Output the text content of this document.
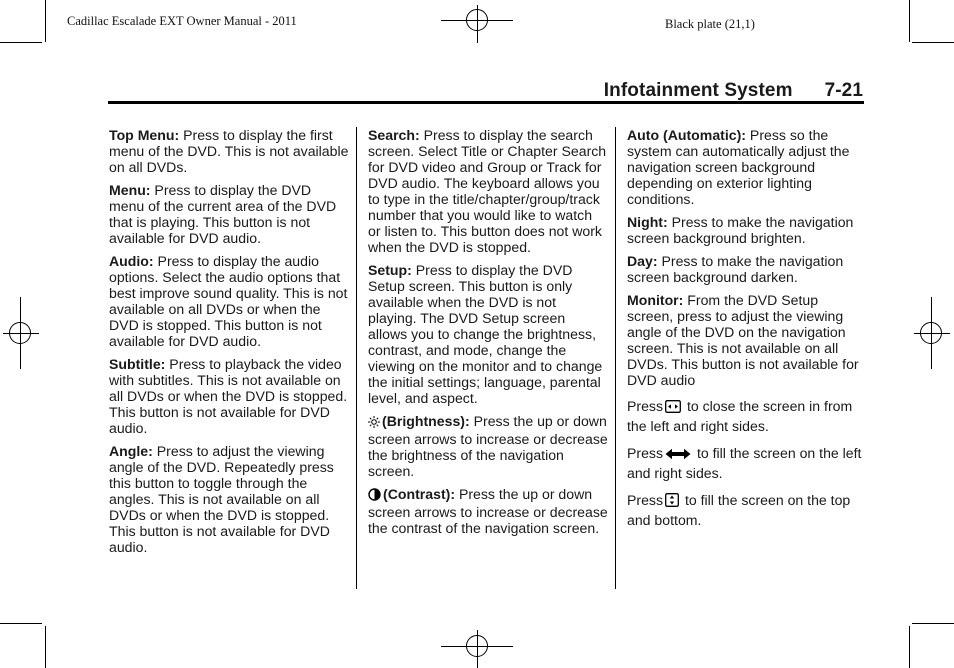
Cadillac Escalade EXT Owner Manual - 2011	Black plate (21,1)
Infotainment System 7-21

Top Menu: Press to display the first menu of the DVD. This is not available on all DVDs.

Menu: Press to display the DVD menu of the current area of the DVD that is playing. This button is not available for DVD audio.

Audio: Press to display the audio options. Select the audio options that best improve sound quality. This is not available on all DVDs or when the DVD is stopped. This button is not available for DVD audio.

Subtitle: Press to playback the video with subtitles. This is not available on all DVDs or when the DVD is stopped. This button is not available for DVD audio.

Angle: Press to adjust the viewing angle of the DVD. Repeatedly press this button to toggle through the angles. This is not available on all DVDs or when the DVD is stopped. This button is not available for DVD audio.

Search: Press to display the search screen. Select Title or Chapter Search for DVD video and Group or Track for DVD audio. The keyboard allows you to type in the title/chapter/group/track number that you would like to watch or listen to. This button does not work when the DVD is stopped.

Setup: Press to display the DVD Setup screen. This button is only available when the DVD is not playing. The DVD Setup screen allows you to change the brightness, contrast, and mode, change the viewing on the monitor and to change the initial settings; language, parental level, and aspect.

(Brightness): Press the up or down screen arrows to increase or decrease the brightness of the navigation screen.

(Contrast): Press the up or down screen arrows to increase or decrease the contrast of the navigation screen.

Auto (Automatic): Press so the system can automatically adjust the navigation screen background depending on exterior lighting conditions.

Night: Press to make the navigation screen background brighten.

Day: Press to make the navigation screen background darken.

Monitor: From the DVD Setup screen, press to adjust the viewing angle of the DVD on the navigation screen. This is not available on all DVDs. This button is not available for DVD audio

Press to close the screen in from the left and right sides.

Press to fill the screen on the left and right sides.

Press to fill the screen on the top and bottom.
